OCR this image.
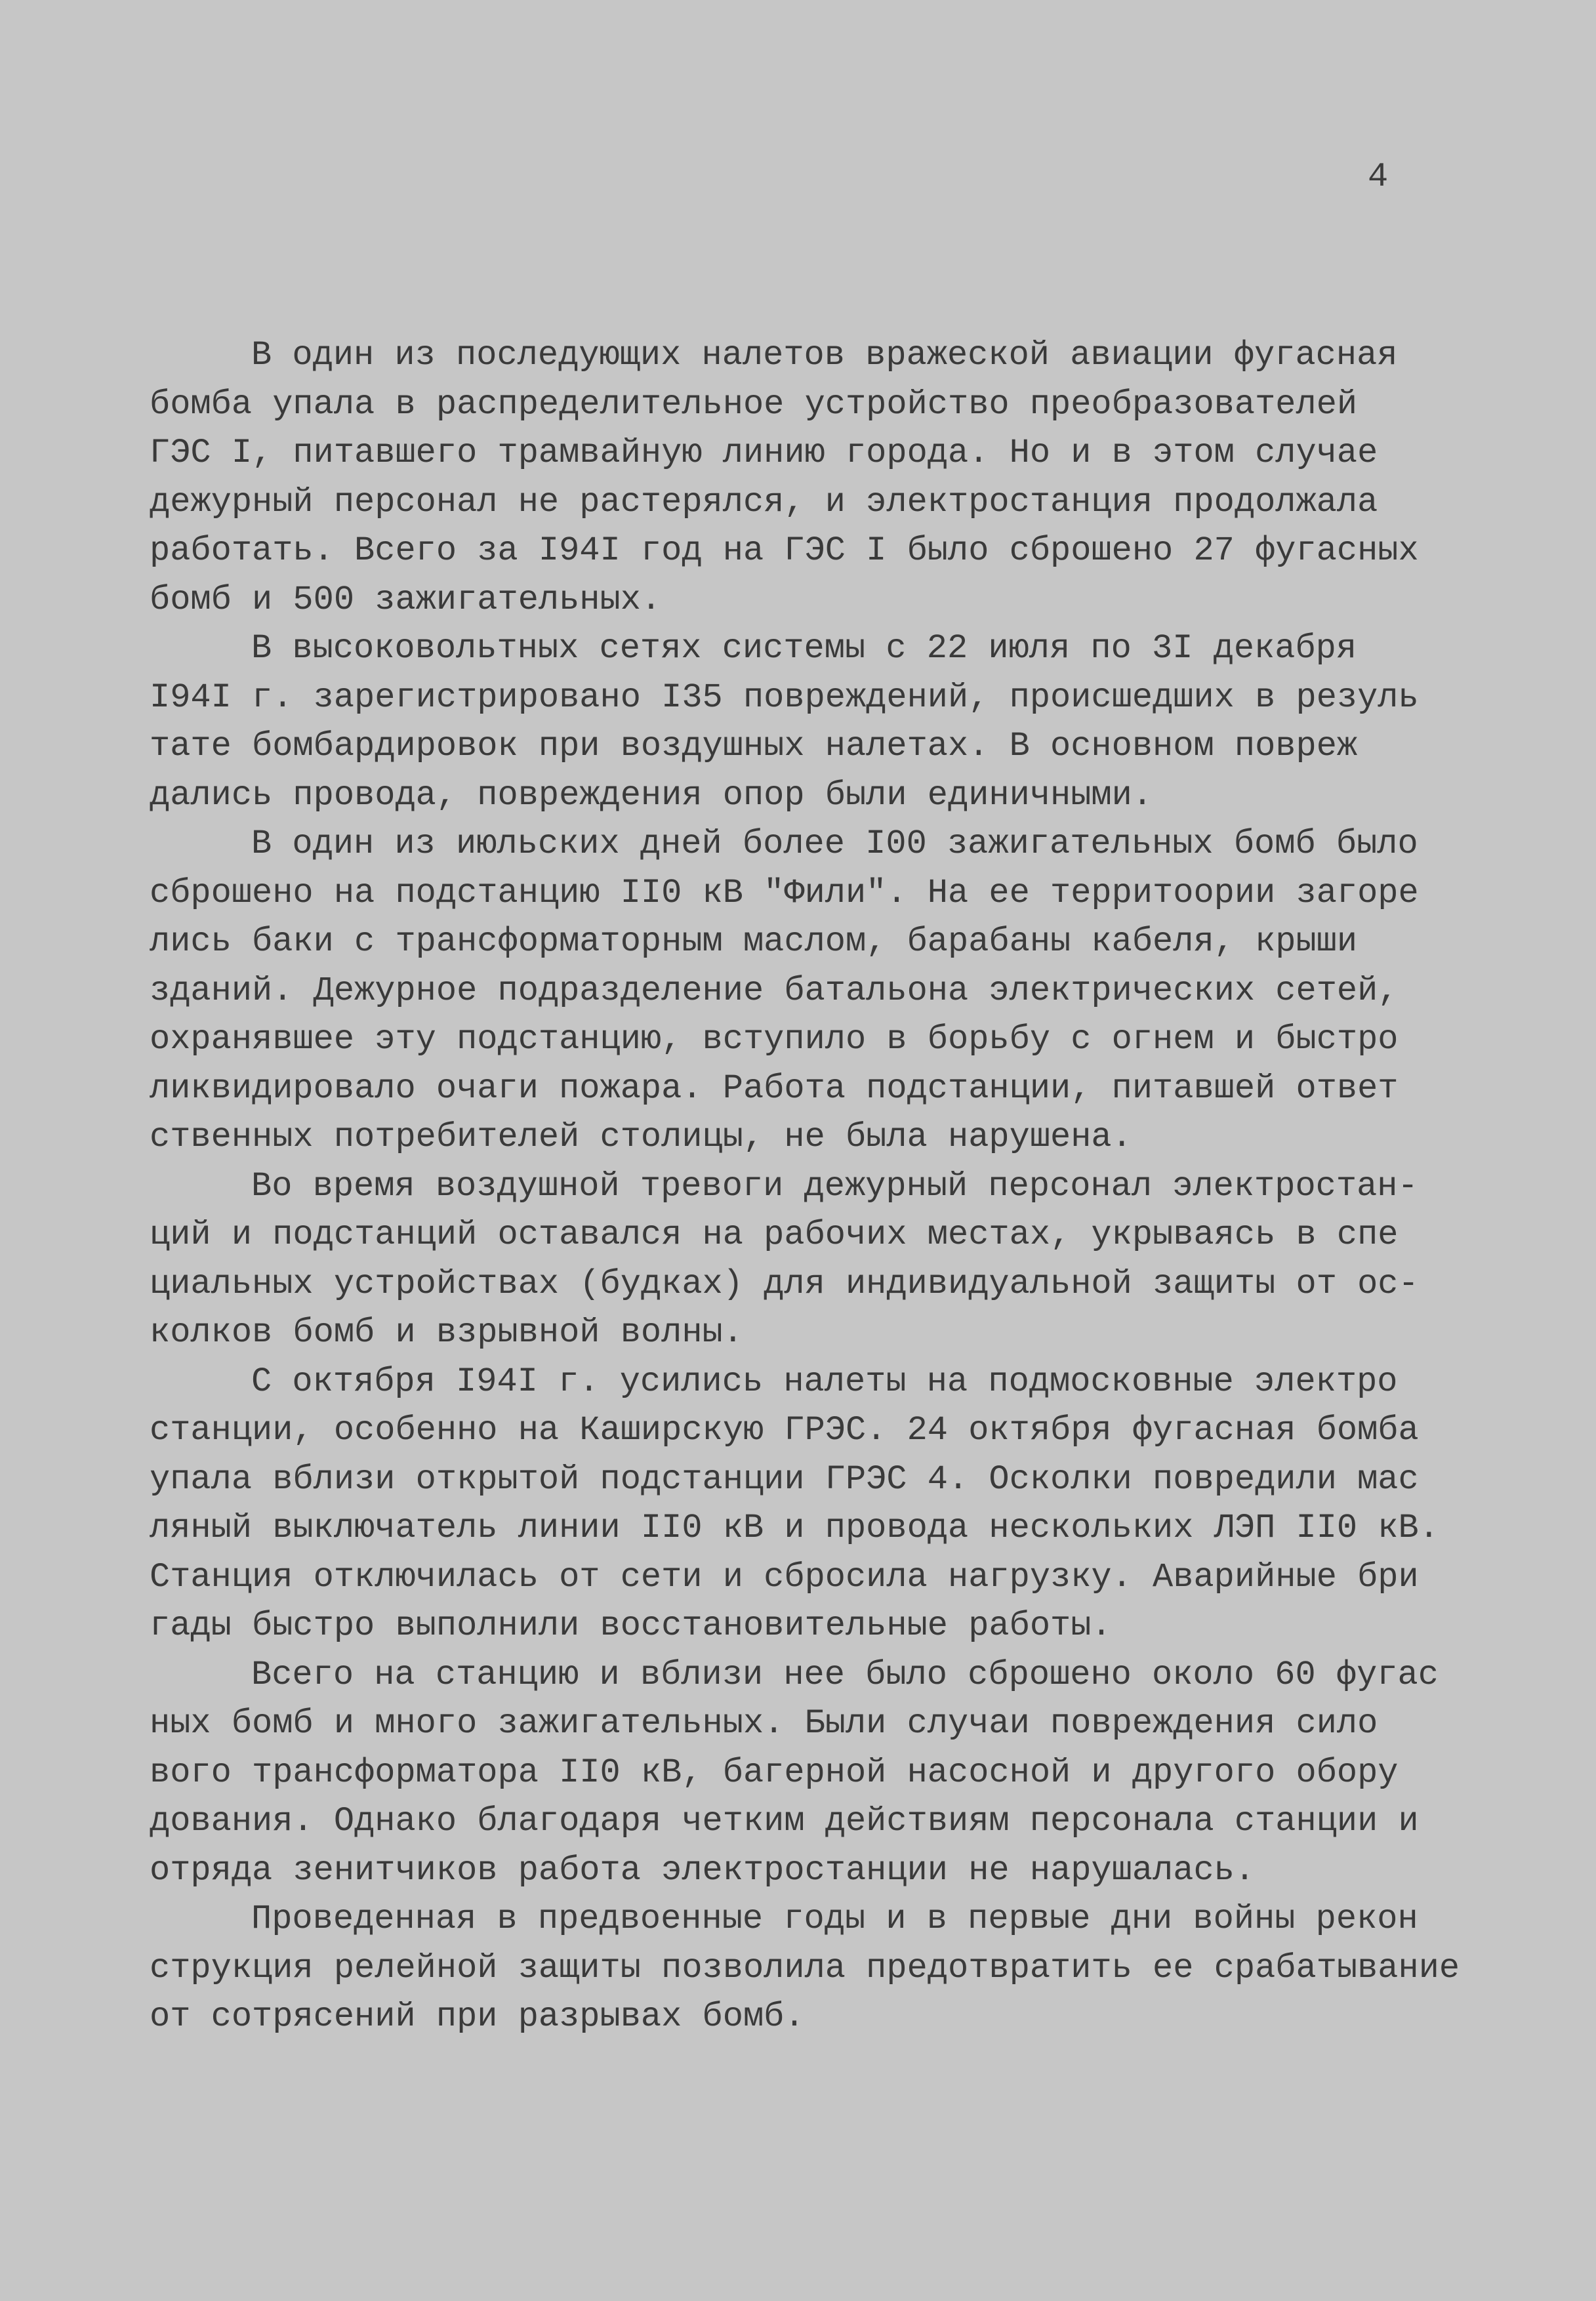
4

В один из последующих налетов вражеской авиации фугасная
бомба упала в распределительное устройство преобразователей
ГЭС I, питавшего трамвайную линию города. Но и в этом случае
дежурный персонал не растерялся, и электростанция продолжала
работать. Всего за I94I год на ГЭС I было сброшено 27 фугасных
бомб и 500 зажигательных.

В высоковольтных сетях системы с 22 июля по 3I декабря
I94I г. зарегистрировано I35 повреждений, происшедших в резуль
тате бомбардировок при воздушных налетах. В основном повреж
дались провода, повреждения опор были единичными.

В один из июльских дней более I00 зажигательных бомб было
сброшено на подстанцию II0 кВ "Фили". На ее территоории загоре
лись баки с трансформаторным маслом, барабаны кабеля, крыши
зданий. Дежурное подразделение батальона электрических сетей,
охранявшее эту подстанцию, вступило в борьбу с огнем и быстро
ликвидировало очаги пожара. Работа подстанции, питавшей ответ
ственных потребителей столицы, не была нарушена.

Во время воздушной тревоги дежурный персонал электростан-
ций и подстанций оставался на рабочих местах, укрываясь в спе
циальных устройствах (будках) для индивидуальной защиты от ос-
колков бомб и взрывной волны.

С октября I94I г. усились налеты на подмосковные электро
станции, особенно на Каширскую ГРЭС. 24 октября фугасная бомба
упала вблизи открытой подстанции ГРЭС 4. Осколки повредили мас
ляный выключатель линии II0 кВ и провода нескольких ЛЭП II0 кВ.
Станция отключилась от сети и сбросила нагрузку. Аварийные бри
гады быстро выполнили восстановительные работы.

Всего на станцию и вблизи нее было сброшено около 60 фугас
ных бомб и много зажигательных. Были случаи повреждения сило
вого трансформатора II0 кВ, багерной насосной и другого обору
дования. Однако благодаря четким действиям персонала станции и
отряда зенитчиков работа электростанции не нарушалась.

Проведенная в предвоенные годы и в первые дни войны рекон
струкция релейной защиты позволила предотвратить ее срабатывание
от сотрясений при разрывах бомб.
